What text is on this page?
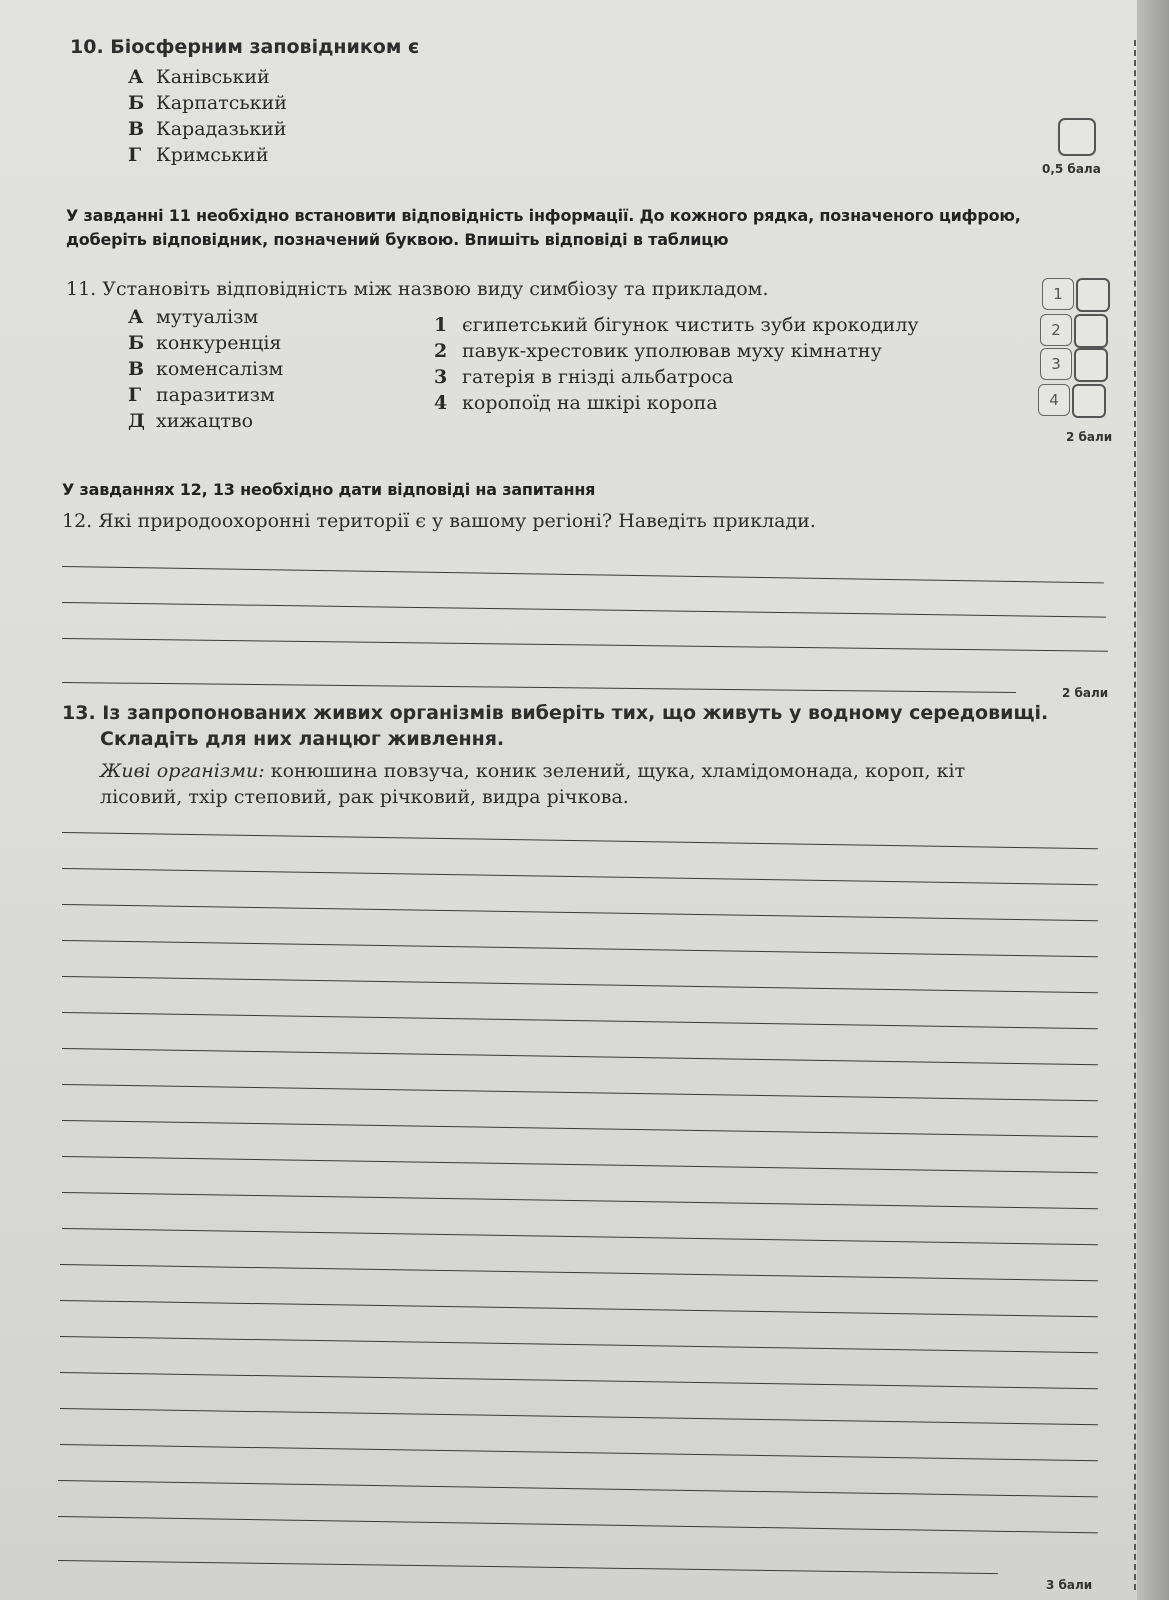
10. Біосферним заповідником є
А Канівський
Б Карпатський
В Карадазький
Г Кримський
0,5 бала
У завданні 11 необхідно встановити відповідність інформації. До кожного рядка, позначеного цифрою,
доберіть відповідник, позначений буквою. Впишіть відповіді в таблицю
11. Установіть відповідність між назвою виду симбіозу та прикладом.
А мутуалізм
Б конкуренція
В коменсалізм
Г паразитизм
Д хижацтво
1 єгипетський бігунок чистить зуби крокодилу
2 павук-хрестовик уполював муху кімнатну
3 гатерія в гнізді альбатроса
4 коропоїд на шкірі коропа
1
2
3
4
2 бали
У завданнях 12, 13 необхідно дати відповіді на запитання
12. Які природоохоронні території є у вашому регіоні? Наведіть приклади.
2 бали
13. Із запропонованих живих організмів виберіть тих, що живуть у водному середовищі.
Складіть для них ланцюг живлення.
Живі організми: конюшина повзуча, коник зелений, щука, хламідомонада, короп, кіт
лісовий, тхір степовий, рак річковий, видра річкова.
3 бали
